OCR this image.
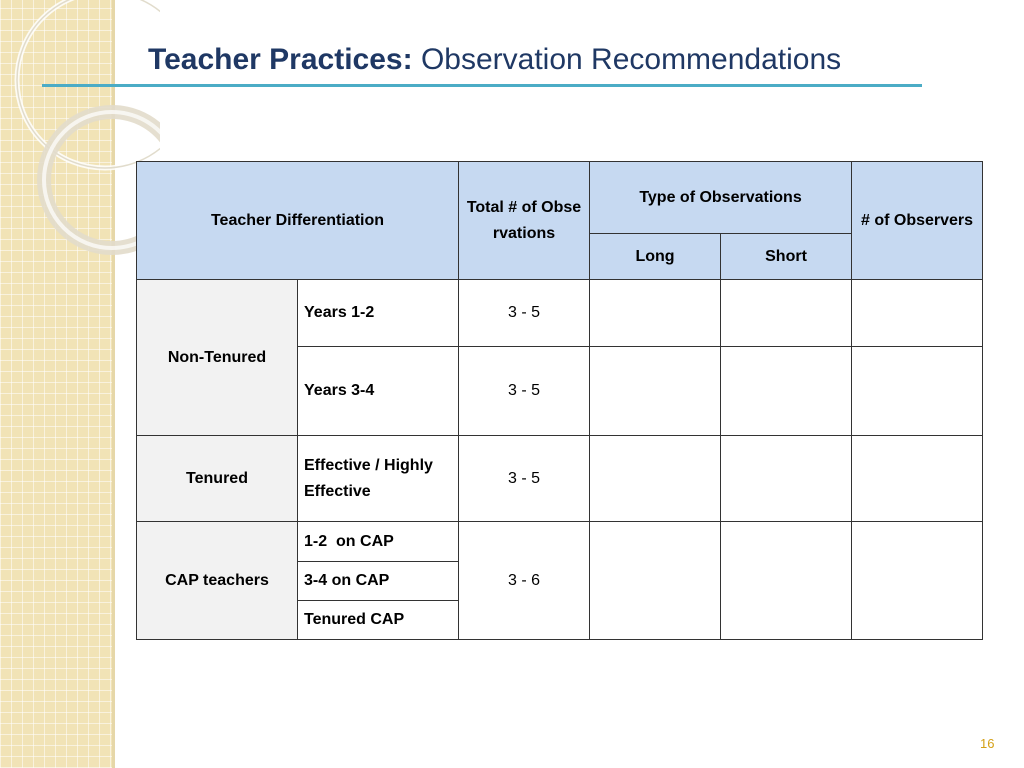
Teacher Practices: Observation Recommendations
Teacher Differentiation		Total # of Observations	Type of Observations		# of Observers
			Long	Short	
Non-Tenured	Years 1-2	3 - 5			
	Years 3-4	3 - 5			
Tenured	Effective / Highly Effective	3 - 5			
CAP teachers	1-2  on CAP	3 - 6			
	3-4 on CAP				
	Tenured CAP				
16
